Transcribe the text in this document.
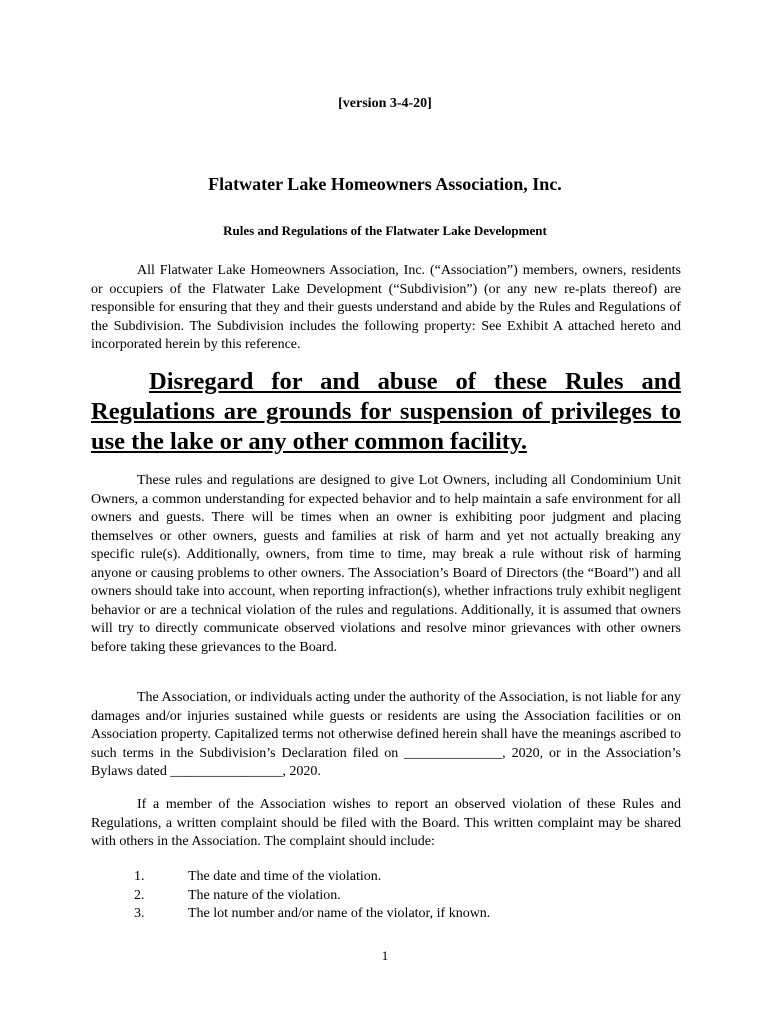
[version 3-4-20]
Flatwater Lake Homeowners Association, Inc.
Rules and Regulations of the Flatwater Lake Development

All Flatwater Lake Homeowners Association, Inc. (“Association”) members, owners, residents or occupiers of the Flatwater Lake Development (“Subdivision”) (or any new re-plats thereof) are responsible for ensuring that they and their guests understand and abide by the Rules and Regulations of the Subdivision. The Subdivision includes the following property: See Exhibit A attached hereto and incorporated herein by this reference.

Disregard for and abuse of these Rules and Regulations are grounds for suspension of privileges to use the lake or any other common facility.

These rules and regulations are designed to give Lot Owners, including all Condominium Unit Owners, a common understanding for expected behavior and to help maintain a safe environment for all owners and guests. There will be times when an owner is exhibiting poor judgment and placing themselves or other owners, guests and families at risk of harm and yet not actually breaking any specific rule(s). Additionally, owners, from time to time, may break a rule without risk of harming anyone or causing problems to other owners. The Association’s Board of Directors (the “Board”) and all owners should take into account, when reporting infraction(s), whether infractions truly exhibit negligent behavior or are a technical violation of the rules and regulations. Additionally, it is assumed that owners will try to directly communicate observed violations and resolve minor grievances with other owners before taking these grievances to the Board.

The Association, or individuals acting under the authority of the Association, is not liable for any damages and/or injuries sustained while guests or residents are using the Association facilities or on Association property. Capitalized terms not otherwise defined herein shall have the meanings ascribed to such terms in the Subdivision’s Declaration filed on ______________, 2020, or in the Association’s Bylaws dated ________________, 2020.

If a member of the Association wishes to report an observed violation of these Rules and Regulations, a written complaint should be filed with the Board. This written complaint may be shared with others in the Association. The complaint should include:

1.	The date and time of the violation.
2.	The nature of the violation.
3.	The lot number and/or name of the violator, if known.
1
